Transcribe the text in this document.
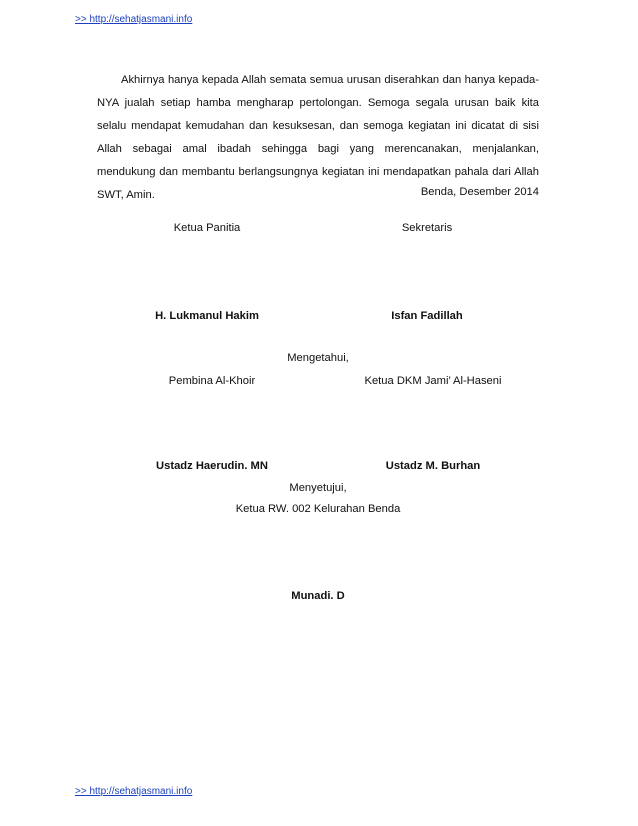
>> http://sehatjasmani.info

Akhirnya hanya kepada Allah semata semua urusan diserahkan dan hanya kepada-NYA jualah setiap hamba mengharap pertolongan. Semoga segala urusan baik kita selalu mendapat kemudahan dan kesuksesan, dan semoga kegiatan ini dicatat di sisi Allah sebagai amal ibadah sehingga bagi yang merencanakan, menjalankan, mendukung dan membantu berlangsungnya kegiatan ini mendapatkan pahala dari Allah SWT, Amin.	Benda, Desember 2014
Ketua Panitia	Sekretaris
H. Lukmanul Hakim	Isfan Fadillah
Mengetahui,
Pembina Al-Khoir	Ketua DKM Jami’ Al-Haseni
Ustadz Haerudin. MN	Ustadz M. Burhan
Menyetujui,
Ketua RW. 002 Kelurahan Benda
Munadi. D
>> http://sehatjasmani.info
